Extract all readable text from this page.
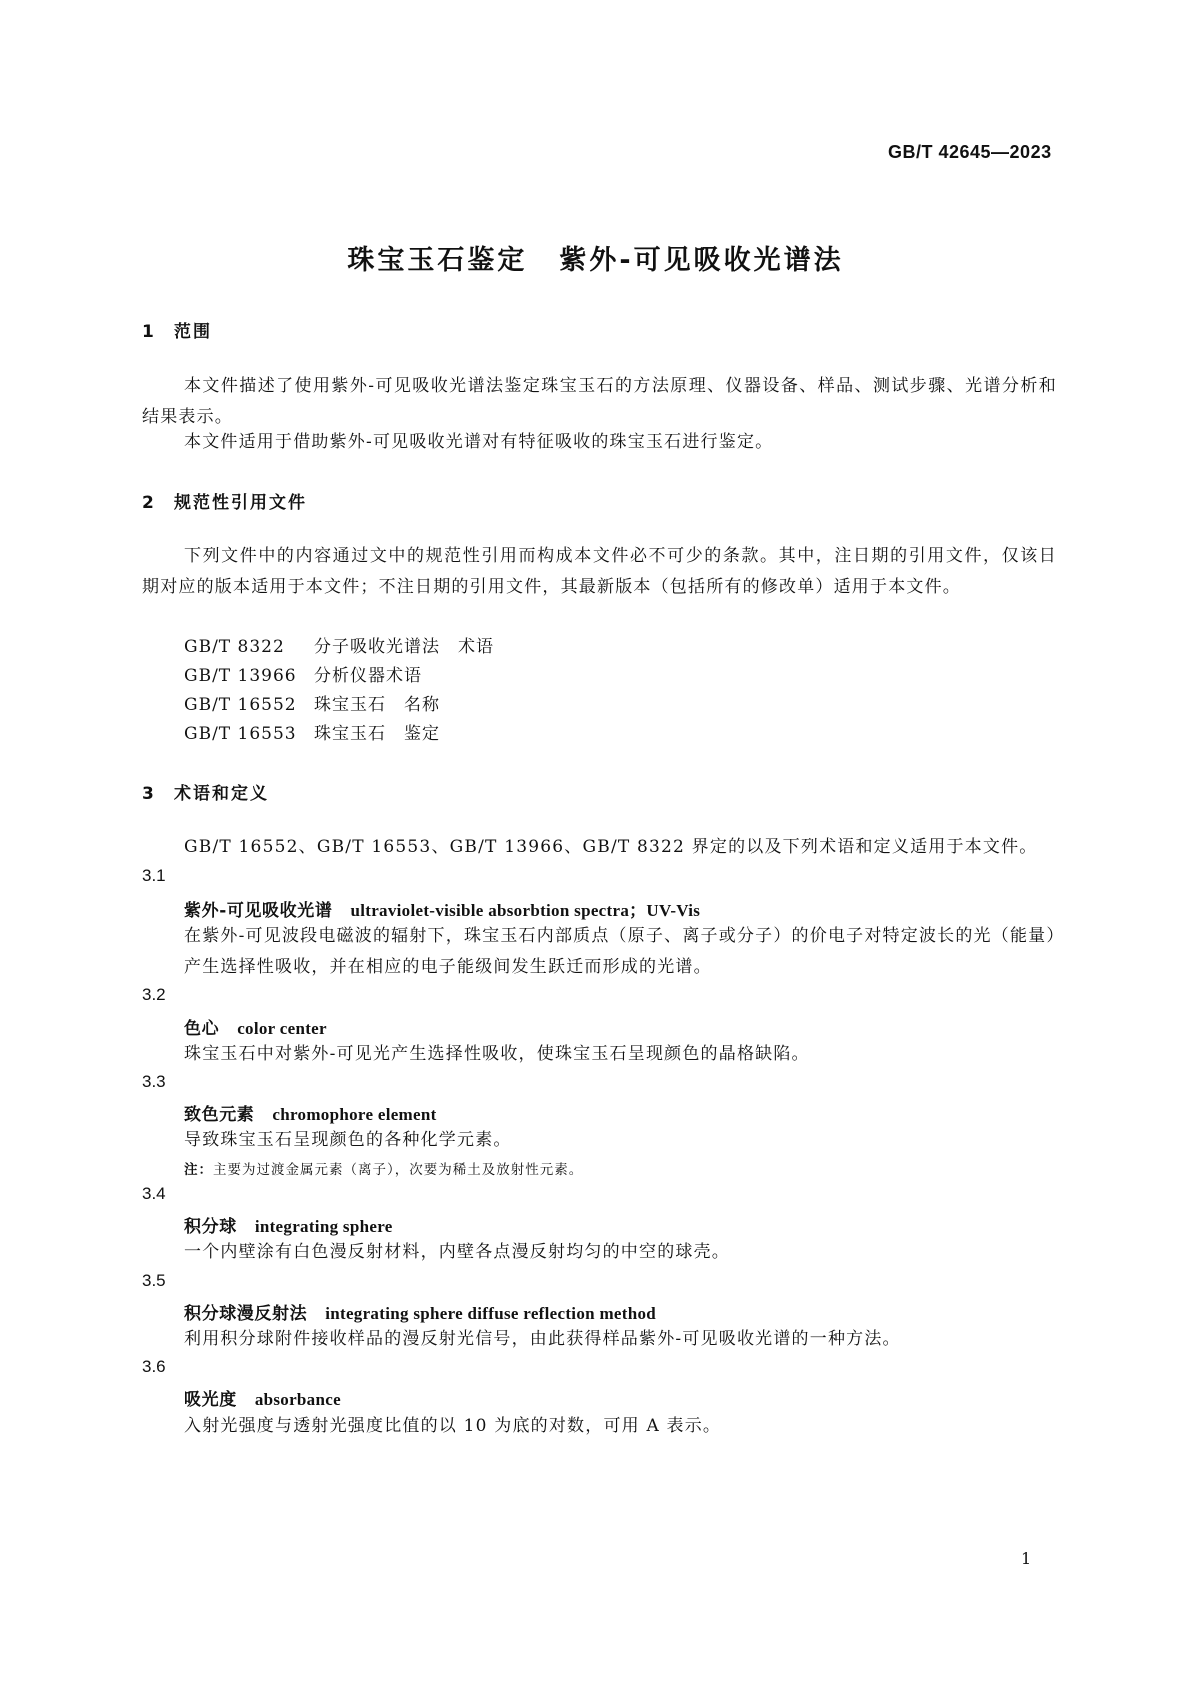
GB/T 42645—2023
珠宝玉石鉴定 紫外-可见吸收光谱法
1 范围
本文件描述了使用紫外-可见吸收光谱法鉴定珠宝玉石的方法原理、仪器设备、样品、测试步骤、光谱分析和结果表示。
本文件适用于借助紫外-可见吸收光谱对有特征吸收的珠宝玉石进行鉴定。
2 规范性引用文件
下列文件中的内容通过文中的规范性引用而构成本文件必不可少的条款。其中，注日期的引用文件，仅该日期对应的版本适用于本文件；不注日期的引用文件，其最新版本（包括所有的修改单）适用于本文件。
GB/T 8322 分子吸收光谱法　术语
GB/T 13966 分析仪器术语
GB/T 16552 珠宝玉石　名称
GB/T 16553 珠宝玉石　鉴定
3 术语和定义
GB/T 16552、GB/T 16553、GB/T 13966、GB/T 8322 界定的以及下列术语和定义适用于本文件。
3.1
紫外-可见吸收光谱 ultraviolet-visible absorbtion spectra；UV-Vis
在紫外-可见波段电磁波的辐射下，珠宝玉石内部质点（原子、离子或分子）的价电子对特定波长的光（能量）产生选择性吸收，并在相应的电子能级间发生跃迁而形成的光谱。
3.2
色心 color center
珠宝玉石中对紫外-可见光产生选择性吸收，使珠宝玉石呈现颜色的晶格缺陷。
3.3
致色元素 chromophore element
导致珠宝玉石呈现颜色的各种化学元素。
注：主要为过渡金属元素（离子），次要为稀土及放射性元素。
3.4
积分球 integrating sphere
一个内壁涂有白色漫反射材料，内壁各点漫反射均匀的中空的球壳。
3.5
积分球漫反射法 integrating sphere diffuse reflection method
利用积分球附件接收样品的漫反射光信号，由此获得样品紫外-可见吸收光谱的一种方法。
3.6
吸光度 absorbance
入射光强度与透射光强度比值的以 10 为底的对数，可用 A 表示。
1
